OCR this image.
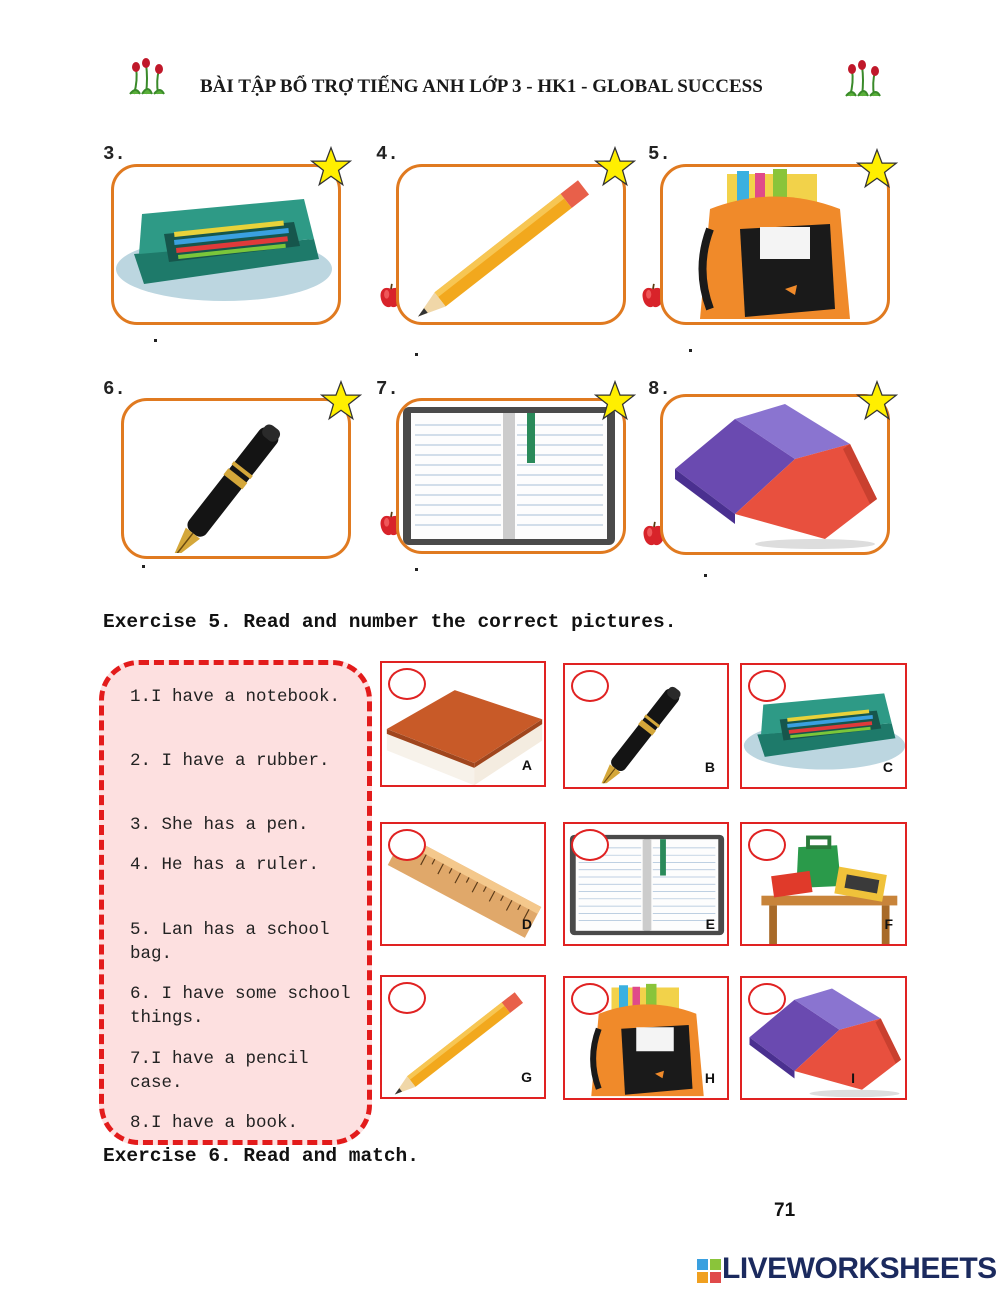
BÀI TẬP BỔ TRỢ TIẾNG ANH LỚP 3 - HK1 - GLOBAL SUCCESS
3.	4.	5.
6.	7.	8.
Exercise 5. Read and number the correct pictures.
1.I have a notebook.
2. I have a rubber.
3. She has a pen.
4. He has a ruler.
5. Lan has a school bag.
6. I have some school things.
7.I have a pencil case.
8.I have a book.
A	B	C
D	E	F
G	H	I
Exercise 6. Read and match.
71
LIVEWORKSHEETS
